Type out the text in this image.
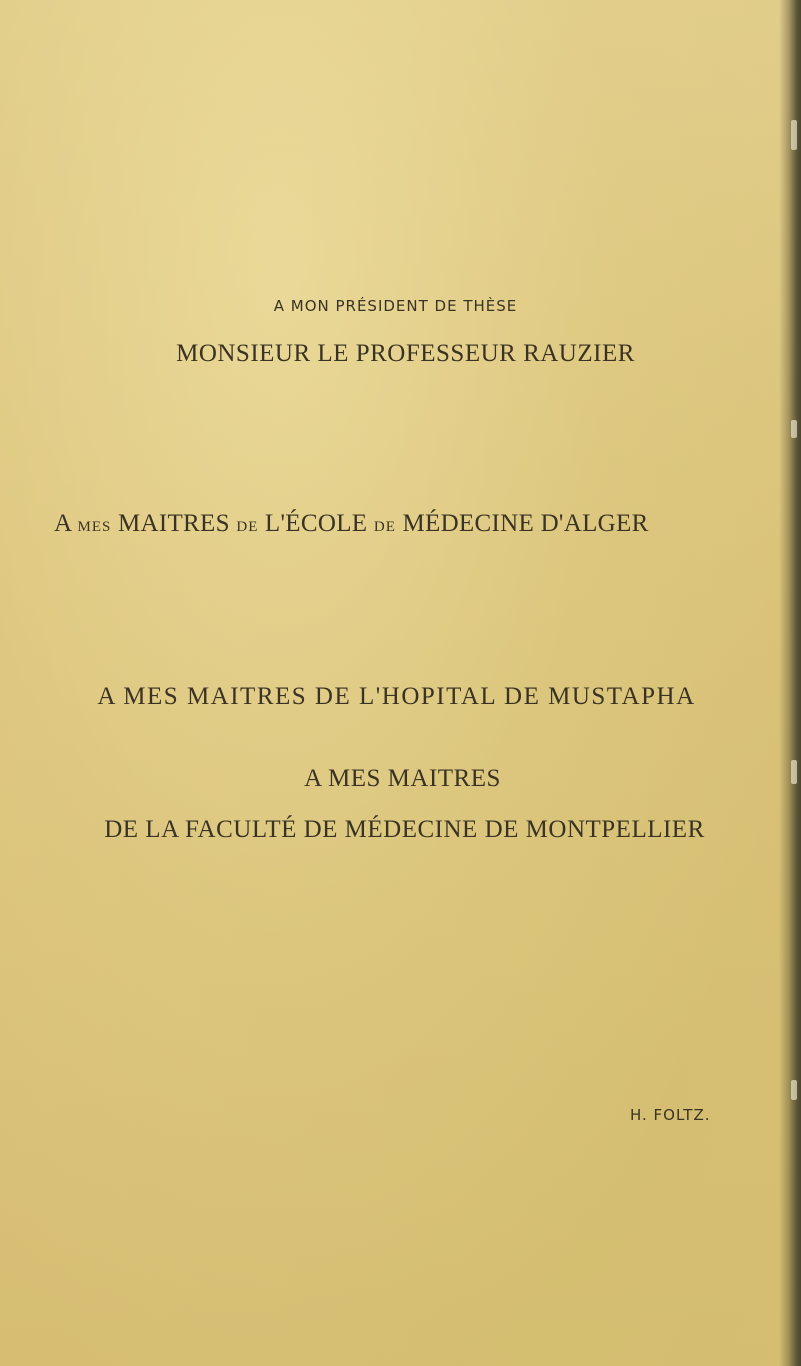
A MON PRÉSIDENT DE THÈSE

MONSIEUR LE PROFESSEUR RAUZIER

A MES MAITRES DE L'ÉCOLE DE MÉDECINE D'ALGER

A MES MAITRES DE L'HOPITAL DE MUSTAPHA

A MES MAITRES

DE LA FACULTÉ DE MÉDECINE DE MONTPELLIER

H. FOLTZ.
